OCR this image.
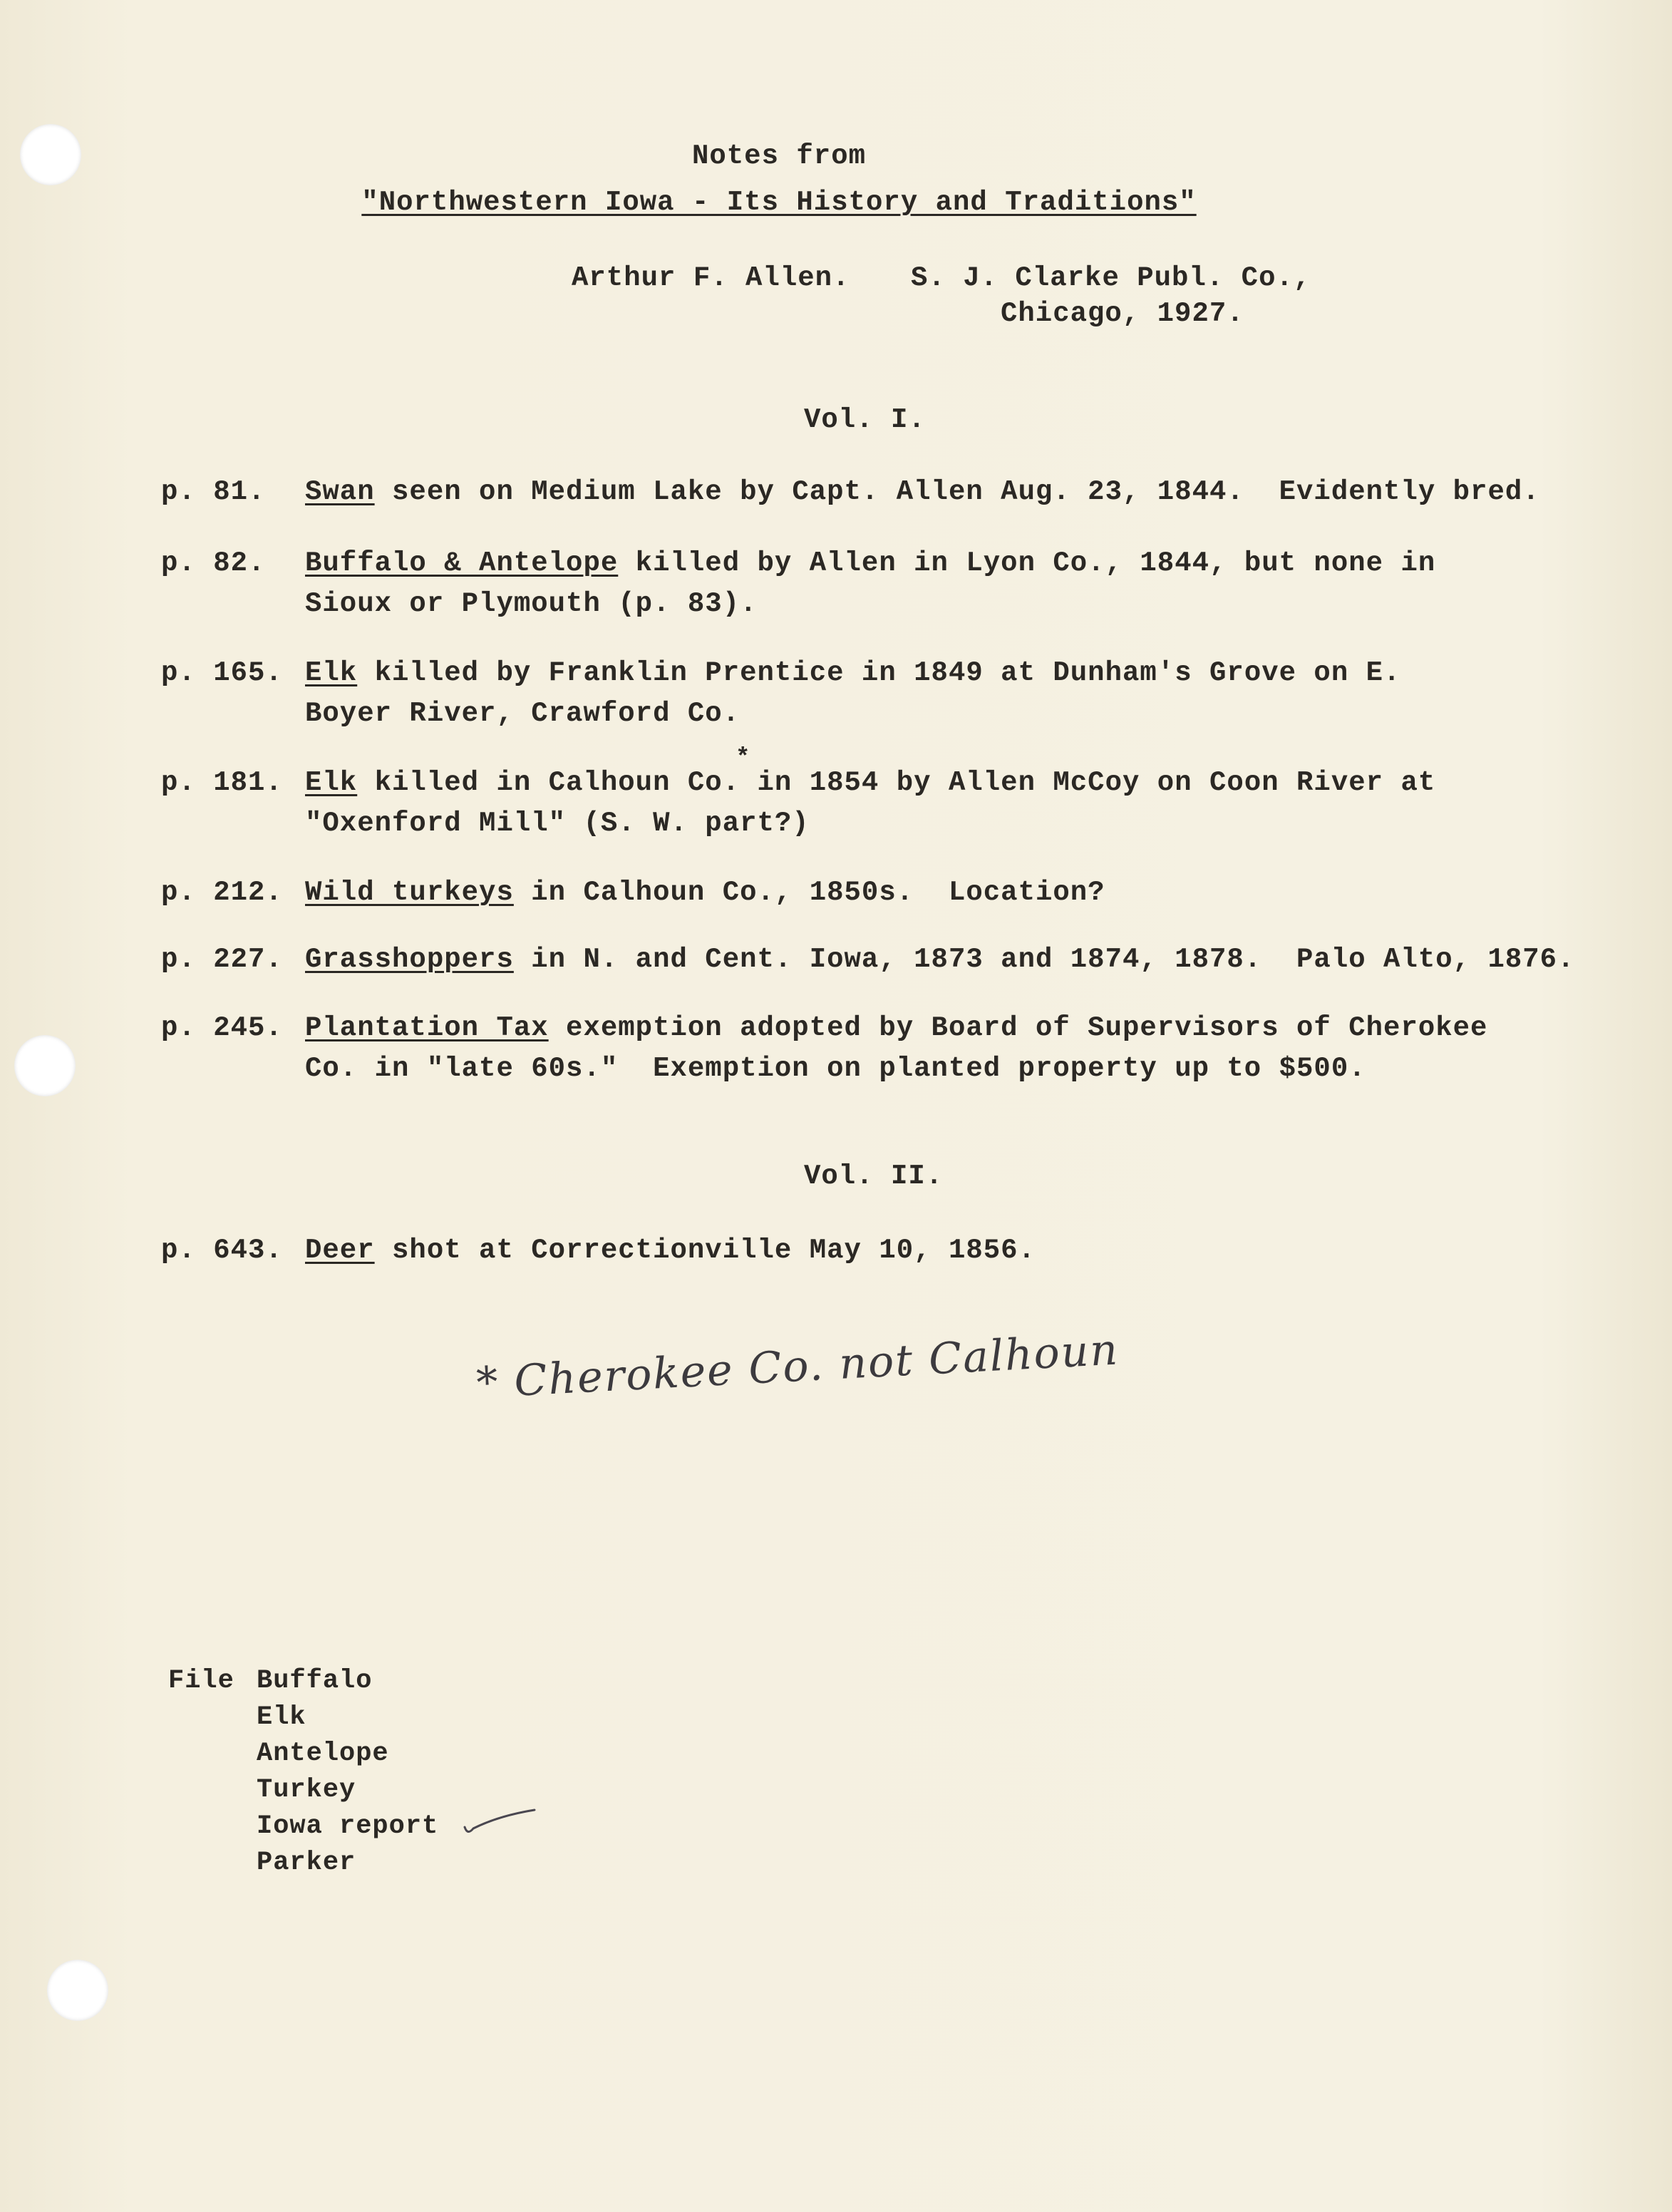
Notes from
"Northwestern Iowa - Its History and Traditions"
Arthur F. Allen. S. J. Clarke Publ. Co.,
Chicago, 1927.
Vol. I.
p. 81. Swan seen on Medium Lake by Capt. Allen Aug. 23, 1844.  Evidently bred.
p. 82. Buffalo & Antelope killed by Allen in Lyon Co., 1844, but none in
Sioux or Plymouth (p. 83).
p. 165. Elk killed by Franklin Prentice in 1849 at Dunham's Grove on E.
Boyer River, Crawford Co.
*
p. 181. Elk killed in Calhoun Co. in 1854 by Allen McCoy on Coon River at
"Oxenford Mill" (S. W. part?)
p. 212. Wild turkeys in Calhoun Co., 1850s.  Location?
p. 227. Grasshoppers in N. and Cent. Iowa, 1873 and 1874, 1878.  Palo Alto, 1876.
p. 245. Plantation Tax exemption adopted by Board of Supervisors of Cherokee
Co. in "late 60s."  Exemption on planted property up to $500.
Vol. II.
p. 643. Deer shot at Correctionville May 10, 1856.
* Cherokee Co. not Calhoun
File Buffalo
Elk
Antelope
Turkey
Iowa report
Parker
